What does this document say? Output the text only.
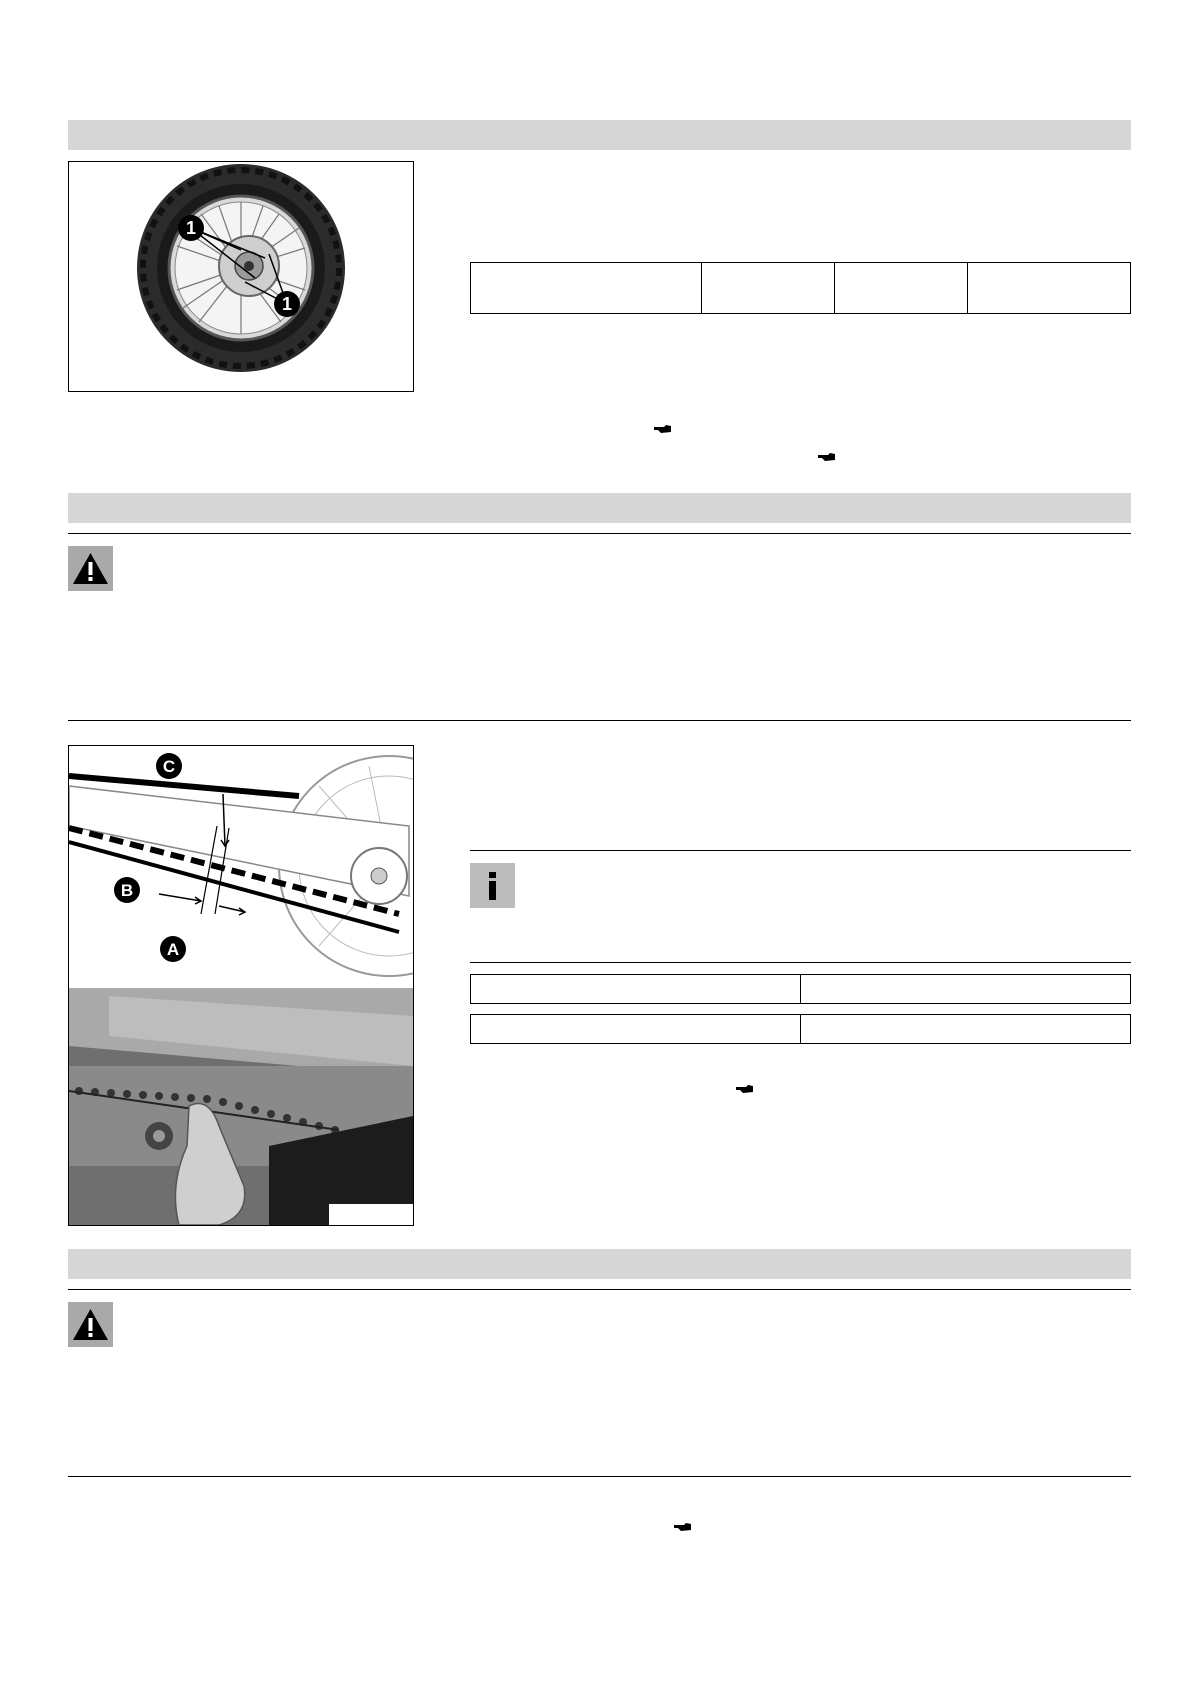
1
1

C
B
A
